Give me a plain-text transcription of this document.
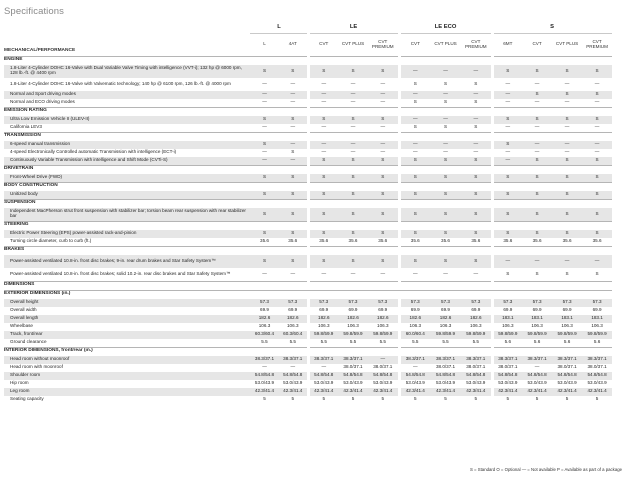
Specifications
	L		LE			LE ECO			S			
MECHANICAL/PERFORMANCE	L	4AT	CVT	CVT PLUS	CVT PREMIUM	CVT	CVT PLUS	CVT PREMIUM	6MT	CVT	CVT PLUS	CVT PREMIUM
ENGINE												
1.8-Liter 4-Cylinder DOHC 16-Valve with Dual Variable Valve Timing with intelligence (VVT-i); 132 hp @ 6000 rpm, 128 lb.-ft. @ 4400 rpm	S	S	S	S	S	—	—	—	S	S	S	S
1.8-Liter 4-Cylinder DOHC 16-Valve with Valvematic technology; 140 hp @ 6100 rpm, 126 lb.-ft. @ 4000 rpm	—	—	—	—	—	S	S	S	—	—	—	—
Normal and Sport driving modes	—	—	—	—	—	—	—	—	—	S	S	S
Normal and ECO driving modes	—	—	—	—	—	S	S	S	—	—	—	—
EMISSION RATING												
Ultra Low Emission Vehicle II (ULEV-II)	S	S	S	S	S	—	—	—	S	S	S	S
California LEV3	—	—	—	—	—	S	S	S	—	—	—	—
TRANSMISSION												
6-speed manual transmission	S	—	—	—	—	—	—	—	S	—	—	—
4-speed Electronically Controlled automatic Transmission with intelligence (ECT-i)	—	S	—	—	—	—	—	—	—	—	—	—
Continuously Variable Transmission with intelligence and Shift Mode (CVTi-S)	—	—	S	S	S	S	S	S	—	S	S	S
DRIVETRAIN												
Front-Wheel Drive (FWD)	S	S	S	S	S	S	S	S	S	S	S	S
BODY CONSTRUCTION												
Unitized body	S	S	S	S	S	S	S	S	S	S	S	S
SUSPENSION												
Independent MacPherson strut front suspension with stabilizer bar; torsion beam rear suspension with rear stabilizer bar	S	S	S	S	S	S	S	S	S	S	S	S
STEERING												
Electric Power Steering (EPS) power-assisted rack-and-pinion	S	S	S	S	S	S	S	S	S	S	S	S
Turning circle diameter, curb to curb (ft.)	35.6	35.6	35.6	35.6	35.6	35.6	35.6	35.6	35.6	35.6	35.6	35.6
BRAKES												
Power-assisted ventilated 10.8-in. front disc brakes; 9-in. rear drum brakes and Star Safety System™	S	S	S	S	S	S	S	S	—	—	—	—
Power-assisted ventilated 10.8-in. front disc brakes; solid 10.2-in. rear disc brakes and Star Safety System™	—	—	—	—	—	—	—	—	S	S	S	S
DIMENSIONS												
EXTERIOR DIMENSIONS (in.)												
Overall height	57.3	57.3	57.3	57.3	57.3	57.3	57.3	57.3	57.3	57.3	57.3	57.3
Overall width	69.9	69.9	69.9	69.9	69.9	69.9	69.9	69.9	69.9	69.9	69.9	69.9
Overall length	182.6	182.6	182.6	182.6	182.6	182.6	182.6	182.6	183.1	183.1	183.1	183.1
Wheelbase	106.3	106.3	106.3	106.3	106.3	106.3	106.3	106.3	106.3	106.3	106.3	106.3
Track, front/rear	60.3/60.4	60.3/60.4	59.8/59.9	59.8/59.9	59.8/59.9	60.0/60.4	59.8/59.9	59.8/59.9	59.8/59.9	59.8/59.9	59.8/59.9	59.8/59.9
Ground clearance	5.5	5.5	5.5	5.5	5.5	5.5	5.5	5.5	5.6	5.6	5.6	5.6
INTERIOR DIMENSIONS, front/rear (in.)												
Head room without moonroof	38.3/37.1	38.3/37.1	38.3/37.1	38.3/37.1	—	38.3/37.1	38.3/37.1	38.3/37.1	38.3/37.1	38.3/37.1	38.3/37.1	38.3/37.1
Head room with moonroof	—	—	—	38.0/37.1	38.0/37.1	—	38.0/37.1	38.0/37.1	38.0/37.1	—	38.0/37.1	38.0/37.1
Shoulder room	54.8/54.8	54.8/54.8	54.8/54.8	54.8/54.8	54.8/54.8	54.8/54.8	54.8/54.8	54.8/54.8	54.8/54.8	54.8/54.8	54.8/54.8	54.8/54.8
Hip room	53.0/43.9	53.0/43.9	53.0/43.9	53.0/43.9	53.0/43.9	53.0/43.9	53.0/43.9	53.0/43.9	53.0/43.9	53.0/43.9	53.0/43.9	53.0/43.9
Leg room	42.3/41.4	42.3/41.4	42.3/41.4	42.3/41.4	42.3/41.4	42.3/41.4	42.3/41.4	42.3/41.4	42.3/41.4	42.3/41.4	42.3/41.4	42.3/41.4
Seating capacity	5	5	5	5	5	5	5	5	5	5	5	5
S = Standard O = Optional — = Not available P = Available as part of a package
